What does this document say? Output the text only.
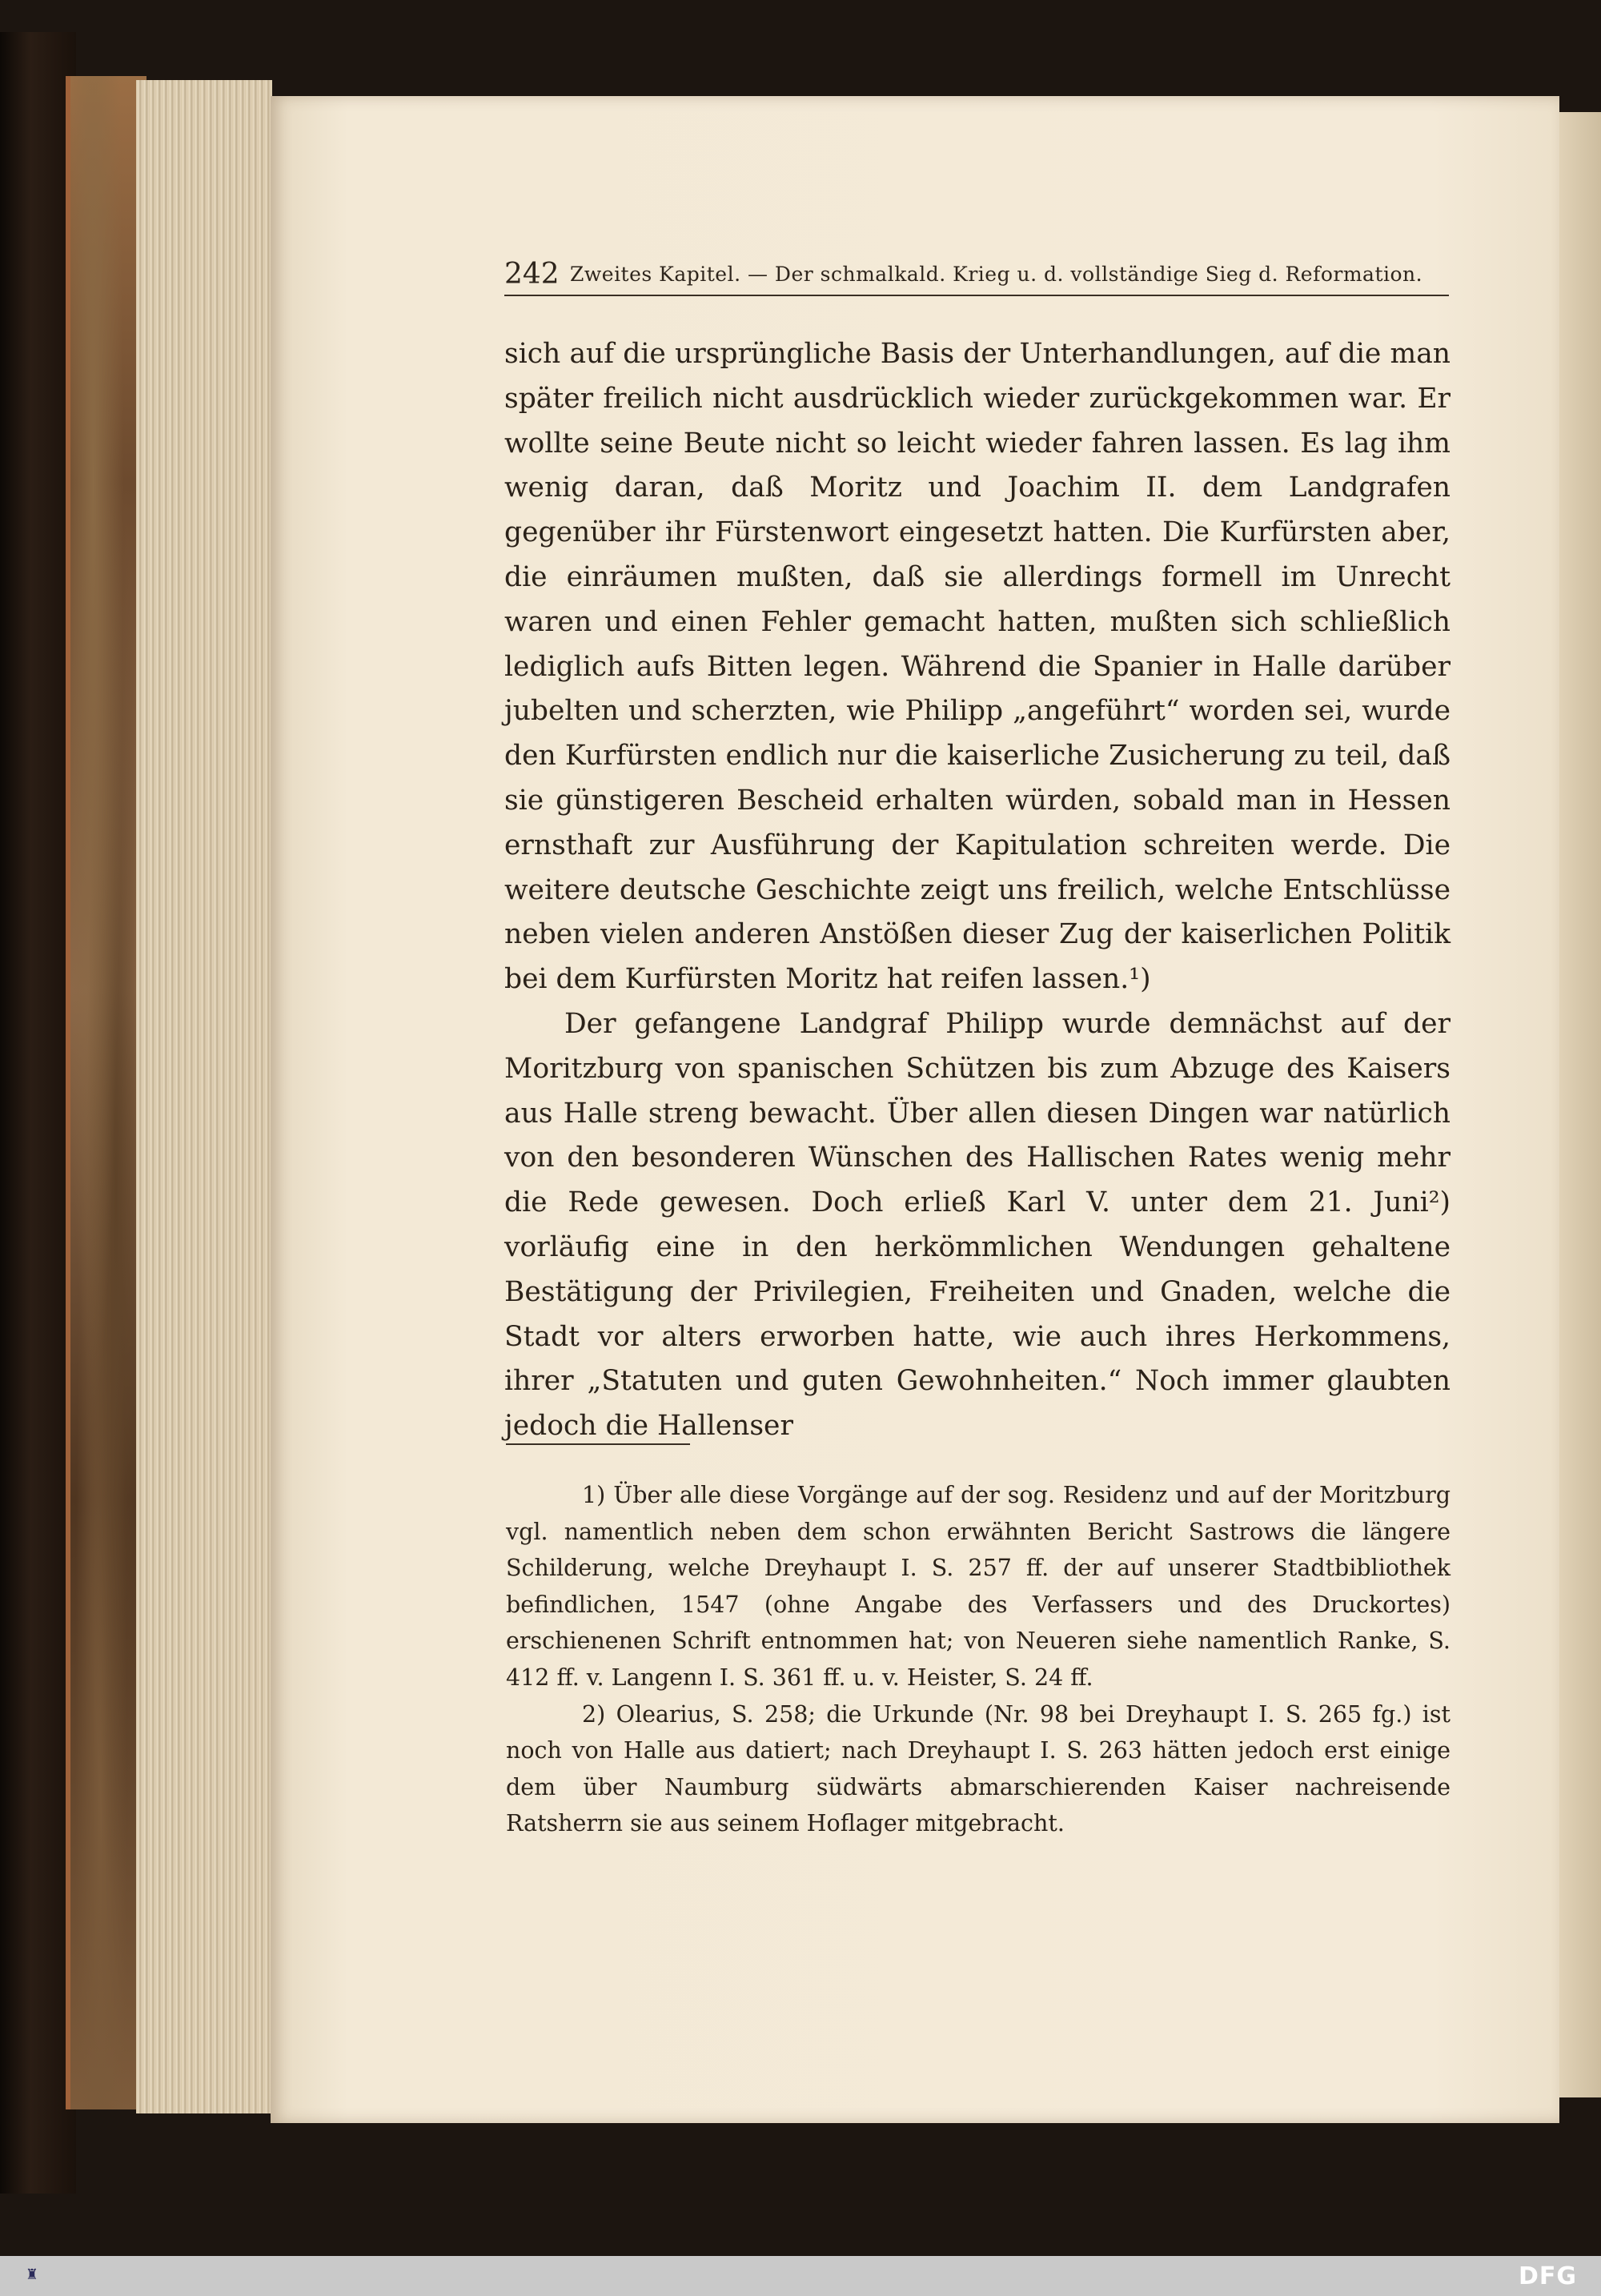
242 Zweites Kapitel. — Der schmalkald. Krieg u. d. vollständige Sieg d. Reformation.

sich auf die ursprüngliche Basis der Unterhandlungen, auf die man später freilich nicht ausdrücklich wieder zurückgekommen war. Er wollte seine Beute nicht so leicht wieder fahren lassen. Es lag ihm wenig daran, daß Moritz und Joachim II. dem Landgrafen gegenüber ihr Fürstenwort eingesetzt hatten. Die Kurfürsten aber, die einräumen mußten, daß sie allerdings formell im Unrecht waren und einen Fehler gemacht hatten, mußten sich schließlich lediglich aufs Bitten legen. Während die Spanier in Halle darüber jubelten und scherzten, wie Philipp „angeführt“ worden sei, wurde den Kurfürsten endlich nur die kaiserliche Zusicherung zu teil, daß sie günstigeren Bescheid erhalten würden, sobald man in Hessen ernsthaft zur Ausführung der Kapitulation schreiten werde. Die weitere deutsche Geschichte zeigt uns freilich, welche Entschlüsse neben vielen anderen Anstößen dieser Zug der kaiserlichen Politik bei dem Kurfürsten Moritz hat reifen lassen.¹)

Der gefangene Landgraf Philipp wurde demnächst auf der Moritzburg von spanischen Schützen bis zum Abzuge des Kaisers aus Halle streng bewacht. Über allen diesen Dingen war natürlich von den besonderen Wünschen des Hallischen Rates wenig mehr die Rede gewesen. Doch erließ Karl V. unter dem 21. Juni²) vorläufig eine in den herkömmlichen Wendungen gehaltene Bestätigung der Privilegien, Freiheiten und Gnaden, welche die Stadt vor alters erworben hatte, wie auch ihres Herkommens, ihrer „Statuten und guten Gewohnheiten.“ Noch immer glaubten jedoch die Hallenser

1) Über alle diese Vorgänge auf der sog. Residenz und auf der Moritzburg vgl. namentlich neben dem schon erwähnten Bericht Sastrows die längere Schilderung, welche Dreyhaupt I. S. 257 ff. der auf unserer Stadtbibliothek befindlichen, 1547 (ohne Angabe des Verfassers und des Druckortes) erschienenen Schrift entnommen hat; von Neueren siehe namentlich Ranke, S. 412 ff. v. Langenn I. S. 361 ff. u. v. Heister, S. 24 ff.

2) Olearius, S. 258; die Urkunde (Nr. 98 bei Dreyhaupt I. S. 265 fg.) ist noch von Halle aus datiert; nach Dreyhaupt I. S. 263 hätten jedoch erst einige dem über Naumburg südwärts abmarschierenden Kaiser nachreisende Ratsherrn sie aus seinem Hoflager mitgebracht.

♜	DFG
